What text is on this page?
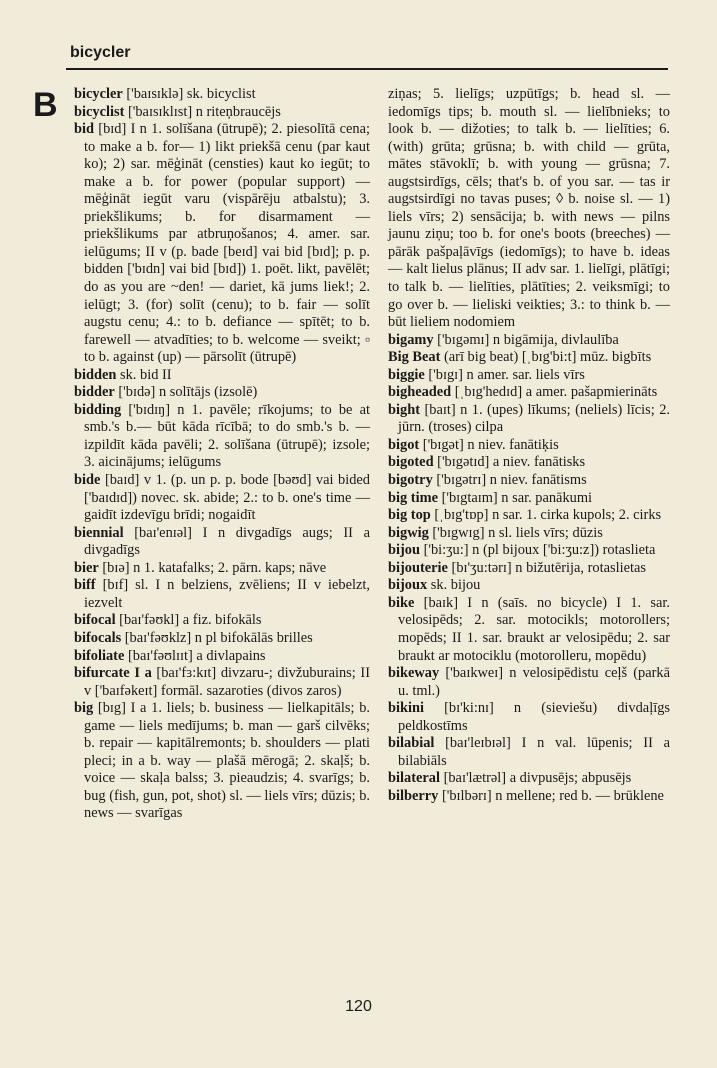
bicycler
B bicycler ['baɪsɪklə] sk. bicyclist

bicyclist ['baɪsɪklɪst] n riteņbraucējs

bid [bɪd] I n 1. solīšana (ūtrupē); 2. piesolītā cena; to make a b. for— 1) likt priekšā cenu (par kaut ko); 2) sar. mēģināt (censties) kaut ko iegūt; to make a b. for power (popular support) — mēģināt iegūt varu (vispārēju atbalstu); 3. priekšlikums; b. for disarmament — priekšlikums par atbruņošanos; 4. amer. sar. ielūgums; II v (p. bade [beɪd] vai bid [bɪd]; p. p. bidden ['bɪdn] vai bid [bɪd]) 1. poēt. likt, pavēlēt; do as you are ~den! — dariet, kā jums liek!; 2. ielūgt; 3. (for) solīt (cenu); to b. fair — solīt augstu cenu; 4.: to b. defiance — spītēt; to b. farewell — atvadīties; to b. welcome — sveikt; ▫ to b. against (up) — pārsolīt (ūtrupē)

bidden sk. bid II

bidder ['bɪdə] n solītājs (izsolē)

bidding ['bɪdɪŋ] n 1. pavēle; rīkojums; to be at smb.'s b.— būt kāda rīcībā; to do smb.'s b. — izpildīt kāda pavēli; 2. solīšana (ūtrupē); izsole; 3. aicinājums; ielūgums

bide [baɪd] v 1. (p. un p. p. bode [bəʊd] vai bided ['baɪdɪd]) novec. sk. abide; 2.: to b. one's time — gaidīt izdevīgu brīdi; nogaidīt

biennial [baɪ'enɪəl] I n divgadīgs augs; II a divgadīgs

bier [bɪə] n 1. katafalks; 2. pārn. kaps; nāve

biff [bɪf] sl. I n belziens, zvēliens; II v iebelzt, iezvelt

bifocal [baɪ'fəʊkl] a fiz. bifokāls

bifocals [baɪ'fəʊklz] n pl bifokālās brilles

bifoliate [baɪ'fəʊlɪɪt] a divlapains

bifurcate I a [baɪ'fɜ:kɪt] divzaru-; divžuburains; II v ['baɪfəkeɪt] formāl. sazaroties (divos zaros)

big [bɪg] I a 1. liels; b. business — lielkapitāls; b. game — liels medījums; b. man — garš cilvēks; b. repair — kapitālremonts; b. shoulders — plati pleci; in a b. way — plašā mērogā; 2. skaļš; b. voice — skaļa balss; 3. pieaudzis; 4. svarīgs; b. bug (fish, gun, pot, shot) sl. — liels vīrs; dūzis; b. news — svarīgas

ziņas; 5. lielīgs; uzpūtīgs; b. head sl. — iedomīgs tips; b. mouth sl. — lielībnieks; to look b. — dižoties; to talk b. — lielīties; 6. (with) grūta; grūsna; b. with child — grūta, mātes stāvoklī; b. with young — grūsna; 7. augstsirdīgs, cēls; that's b. of you sar. — tas ir augstsirdīgi no tavas puses; ◊ b. noise sl. — 1) liels vīrs; 2) sensācija; b. with news — pilns jaunu ziņu; too b. for one's boots (breeches) — pārāk pašpaļāvīgs (iedomīgs); to have b. ideas — kalt lielus plānus; II adv sar. 1. lielīgi, plātīgi; to talk b. — lielīties, plātīties; 2. veiksmīgi; to go over b. — lieliski veikties; 3.: to think b. — būt lieliem nodomiem

bigamy ['bɪgəmɪ] n bigāmija, divlaulība

Big Beat (arī big beat) [ˌbɪg'bi:t] mūz. bigbīts

biggie ['bɪgɪ] n amer. sar. liels vīrs

bigheaded [ˌbɪg'hedɪd] a amer. pašapmierināts

bight [baɪt] n 1. (upes) līkums; (neliels) līcis; 2. jūrn. (troses) cilpa

bigot ['bɪgət] n niev. fanātiķis

bigoted ['bɪgətɪd] a niev. fanātisks

bigotry ['bɪgətrɪ] n niev. fanātisms

big time ['bɪgtaɪm] n sar. panākumi

big top [ˌbɪg'tɒp] n sar. 1. cirka kupols; 2. cirks

bigwig ['bɪgwɪg] n sl. liels vīrs; dūzis

bijou ['bi:ʒu:] n (pl bijoux ['bi:ʒu:z]) rotaslieta

bijouterie [bɪ'ʒu:tərɪ] n bižutērija, rotaslietas

bijoux sk. bijou

bike [baɪk] I n (saīs. no bicycle) I 1. sar. velosipēds; 2. sar. motocikls; motorollers; mopēds; II 1. sar. braukt ar velosipēdu; 2. sar braukt ar motociklu (motorolleru, mopēdu)

bikeway ['baɪkweɪ] n velosipēdistu ceļš (parkā u. tml.)

bikini [bɪ'ki:nɪ] n (sieviešu) divdaļīgs peldkostīms

bilabial [baɪ'leɪbɪəl] I n val. lūpenis; II a bilabiāls

bilateral [baɪ'lætrəl] a divpusējs; abpusējs

bilberry ['bɪlbərɪ] n mellene; red b. — brūklene

120
